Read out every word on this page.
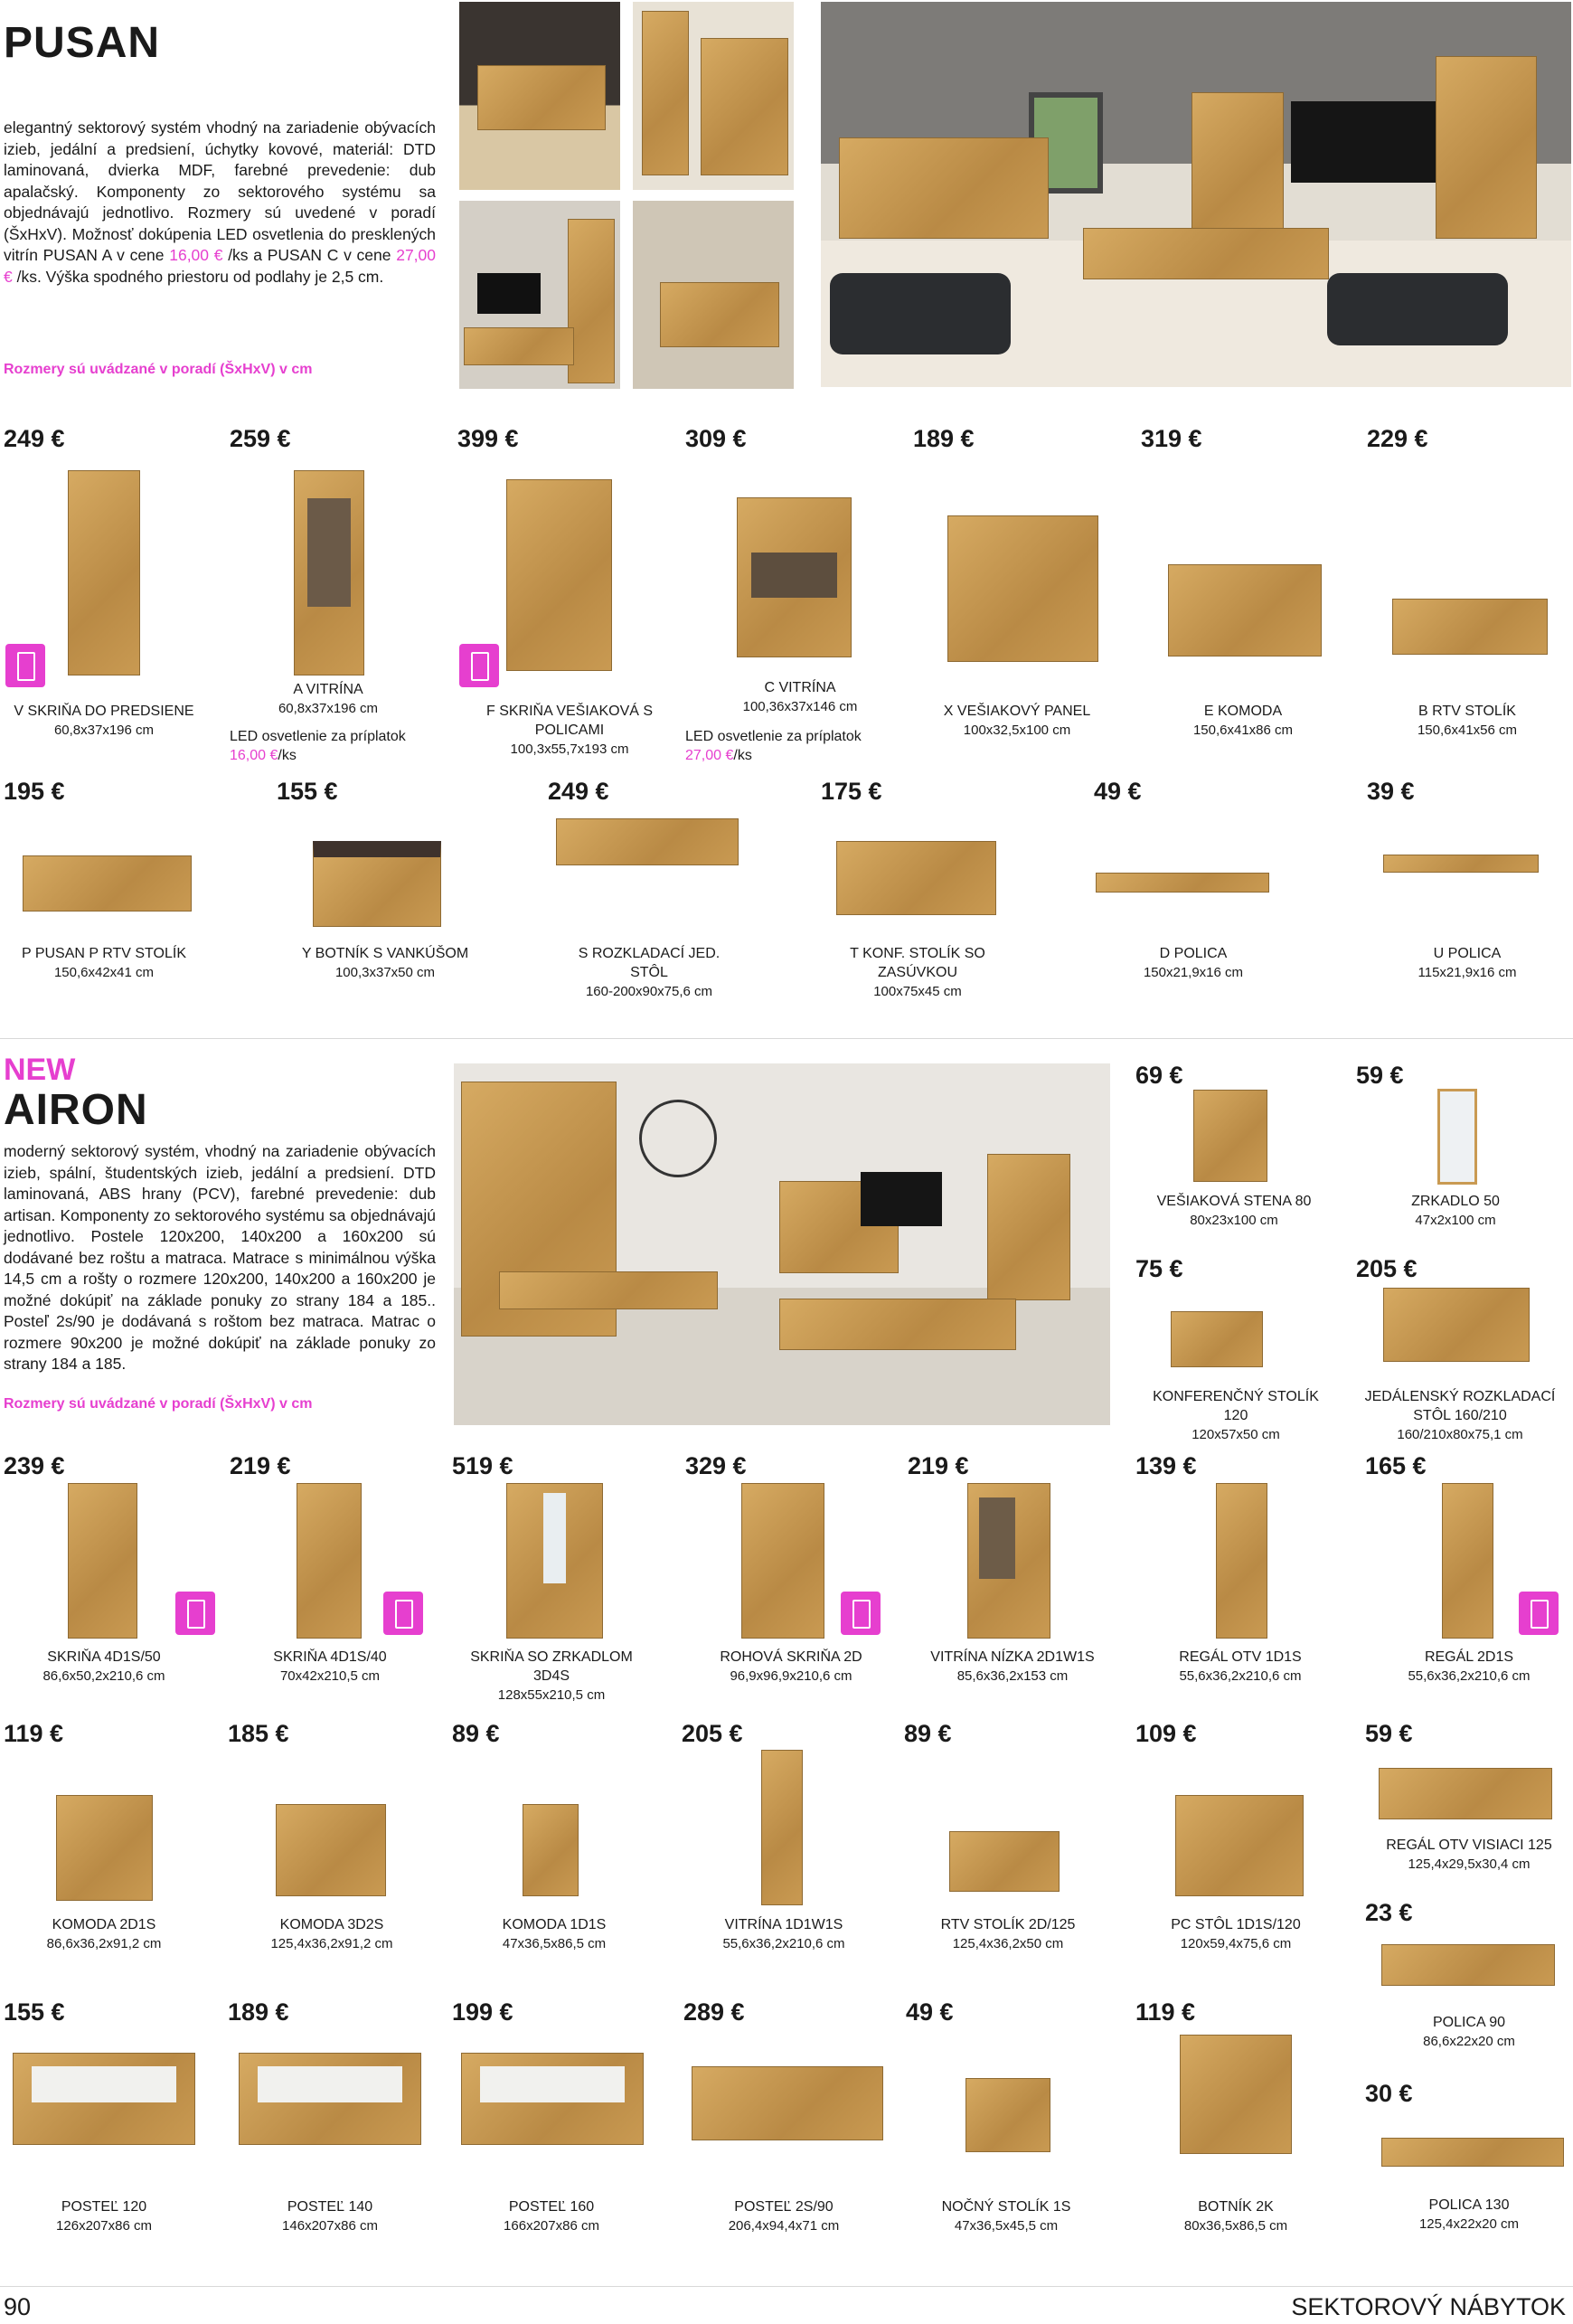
PUSAN
elegantný sektorový systém vhodný na zariadenie obývacích izieb, jedální a predsiení, úchytky kovové, materiál: DTD laminovaná, dvierka MDF, farebné prevedenie: dub apalačský. Komponenty zo sektorového systému sa objednávajú jednotlivo. Rozmery sú uvedené v poradí (ŠxHxV). Možnosť dokúpenia LED osvetlenia do presklených vitrín PUSAN A v cene 16,00 € /ks a PUSAN C v cene 27,00 € /ks. Výška spodného priestoru od podlahy je 2,5 cm.
Rozmery sú uvádzané v poradí (ŠxHxV) v cm
249 €
V SKRIŇA DO PREDSIENE
60,8x37x196 cm
259 €
A VITRÍNA
60,8x37x196 cm
LED osvetlenie za príplatok 16,00 €/ks
399 €
F SKRIŇA VEŠIAKOVÁ S POLICAMI
100,3x55,7x193 cm
309 €
C VITRÍNA
100,36x37x146 cm
LED osvetlenie za príplatok 27,00 €/ks
189 €
X VEŠIAKOVÝ PANEL
100x32,5x100 cm
319 €
E KOMODA
150,6x41x86 cm
229 €
B RTV STOLÍK
150,6x41x56 cm
195 €
P PUSAN P RTV STOLÍK
150,6x42x41 cm
155 €
Y BOTNÍK S VANKÚŠOM
100,3x37x50 cm
249 €
S ROZKLADACÍ JED. STÔL
160-200x90x75,6 cm
175 €
T KONF. STOLÍK SO ZASÚVKOU
100x75x45 cm
49 €
D POLICA
150x21,9x16 cm
39 €
U POLICA
115x21,9x16 cm
NEW
AIRON
moderný sektorový systém, vhodný na zariadenie obývacích izieb, spální, študentských izieb, jedální a predsiení. DTD laminovaná, ABS hrany (PCV), farebné prevedenie: dub artisan. Komponenty zo sektorového systému sa objednávajú jednotlivo. Postele 120x200, 140x200 a 160x200 sú dodávané bez roštu a matraca. Matrace s minimálnou výška 14,5 cm a rošty o rozmere 120x200, 140x200 a 160x200 je možné dokúpiť na základe ponuky zo strany 184 a 185.. Posteľ 2s/90 je dodávaná s roštom bez matraca. Matrac o rozmere 90x200 je možné dokúpiť na základe ponuky zo strany 184 a 185.
Rozmery sú uvádzané v poradí (ŠxHxV) v cm
69 €
VEŠIAKOVÁ STENA 80
80x23x100 cm
59 €
ZRKADLO 50
47x2x100 cm
75 €
KONFERENČNÝ STOLÍK 120
120x57x50 cm
205 €
JEDÁLENSKÝ ROZKLADACÍ STÔL 160/210
160/210x80x75,1 cm
239 €
SKRIŇA 4D1S/50
86,6x50,2x210,6 cm
219 €
SKRIŇA 4D1S/40
70x42x210,5 cm
519 €
SKRIŇA SO ZRKADLOM 3D4S
128x55x210,5 cm
329 €
ROHOVÁ SKRIŇA 2D
96,9x96,9x210,6 cm
219 €
VITRÍNA NÍZKA 2D1W1S
85,6x36,2x153 cm
139 €
REGÁL OTV 1D1S
55,6x36,2x210,6 cm
165 €
REGÁL 2D1S
55,6x36,2x210,6 cm
119 €
KOMODA 2D1S
86,6x36,2x91,2 cm
185 €
KOMODA 3D2S
125,4x36,2x91,2 cm
89 €
KOMODA 1D1S
47x36,5x86,5 cm
205 €
VITRÍNA 1D1W1S
55,6x36,2x210,6 cm
89 €
RTV STOLÍK 2D/125
125,4x36,2x50 cm
109 €
PC STÔL 1D1S/120
120x59,4x75,6 cm
59 €
REGÁL OTV VISIACI 125
125,4x29,5x30,4 cm
23 €
POLICA 90
86,6x22x20 cm
30 €
POLICA 130
125,4x22x20 cm
155 €
POSTEĽ 120
126x207x86 cm
189 €
POSTEĽ 140
146x207x86 cm
199 €
POSTEĽ 160
166x207x86 cm
289 €
POSTEĽ 2S/90
206,4x94,4x71 cm
49 €
NOČNÝ STOLÍK 1S
47x36,5x45,5 cm
119 €
BOTNÍK 2K
80x36,5x86,5 cm
90	SEKTOROVÝ NÁBYTOK
